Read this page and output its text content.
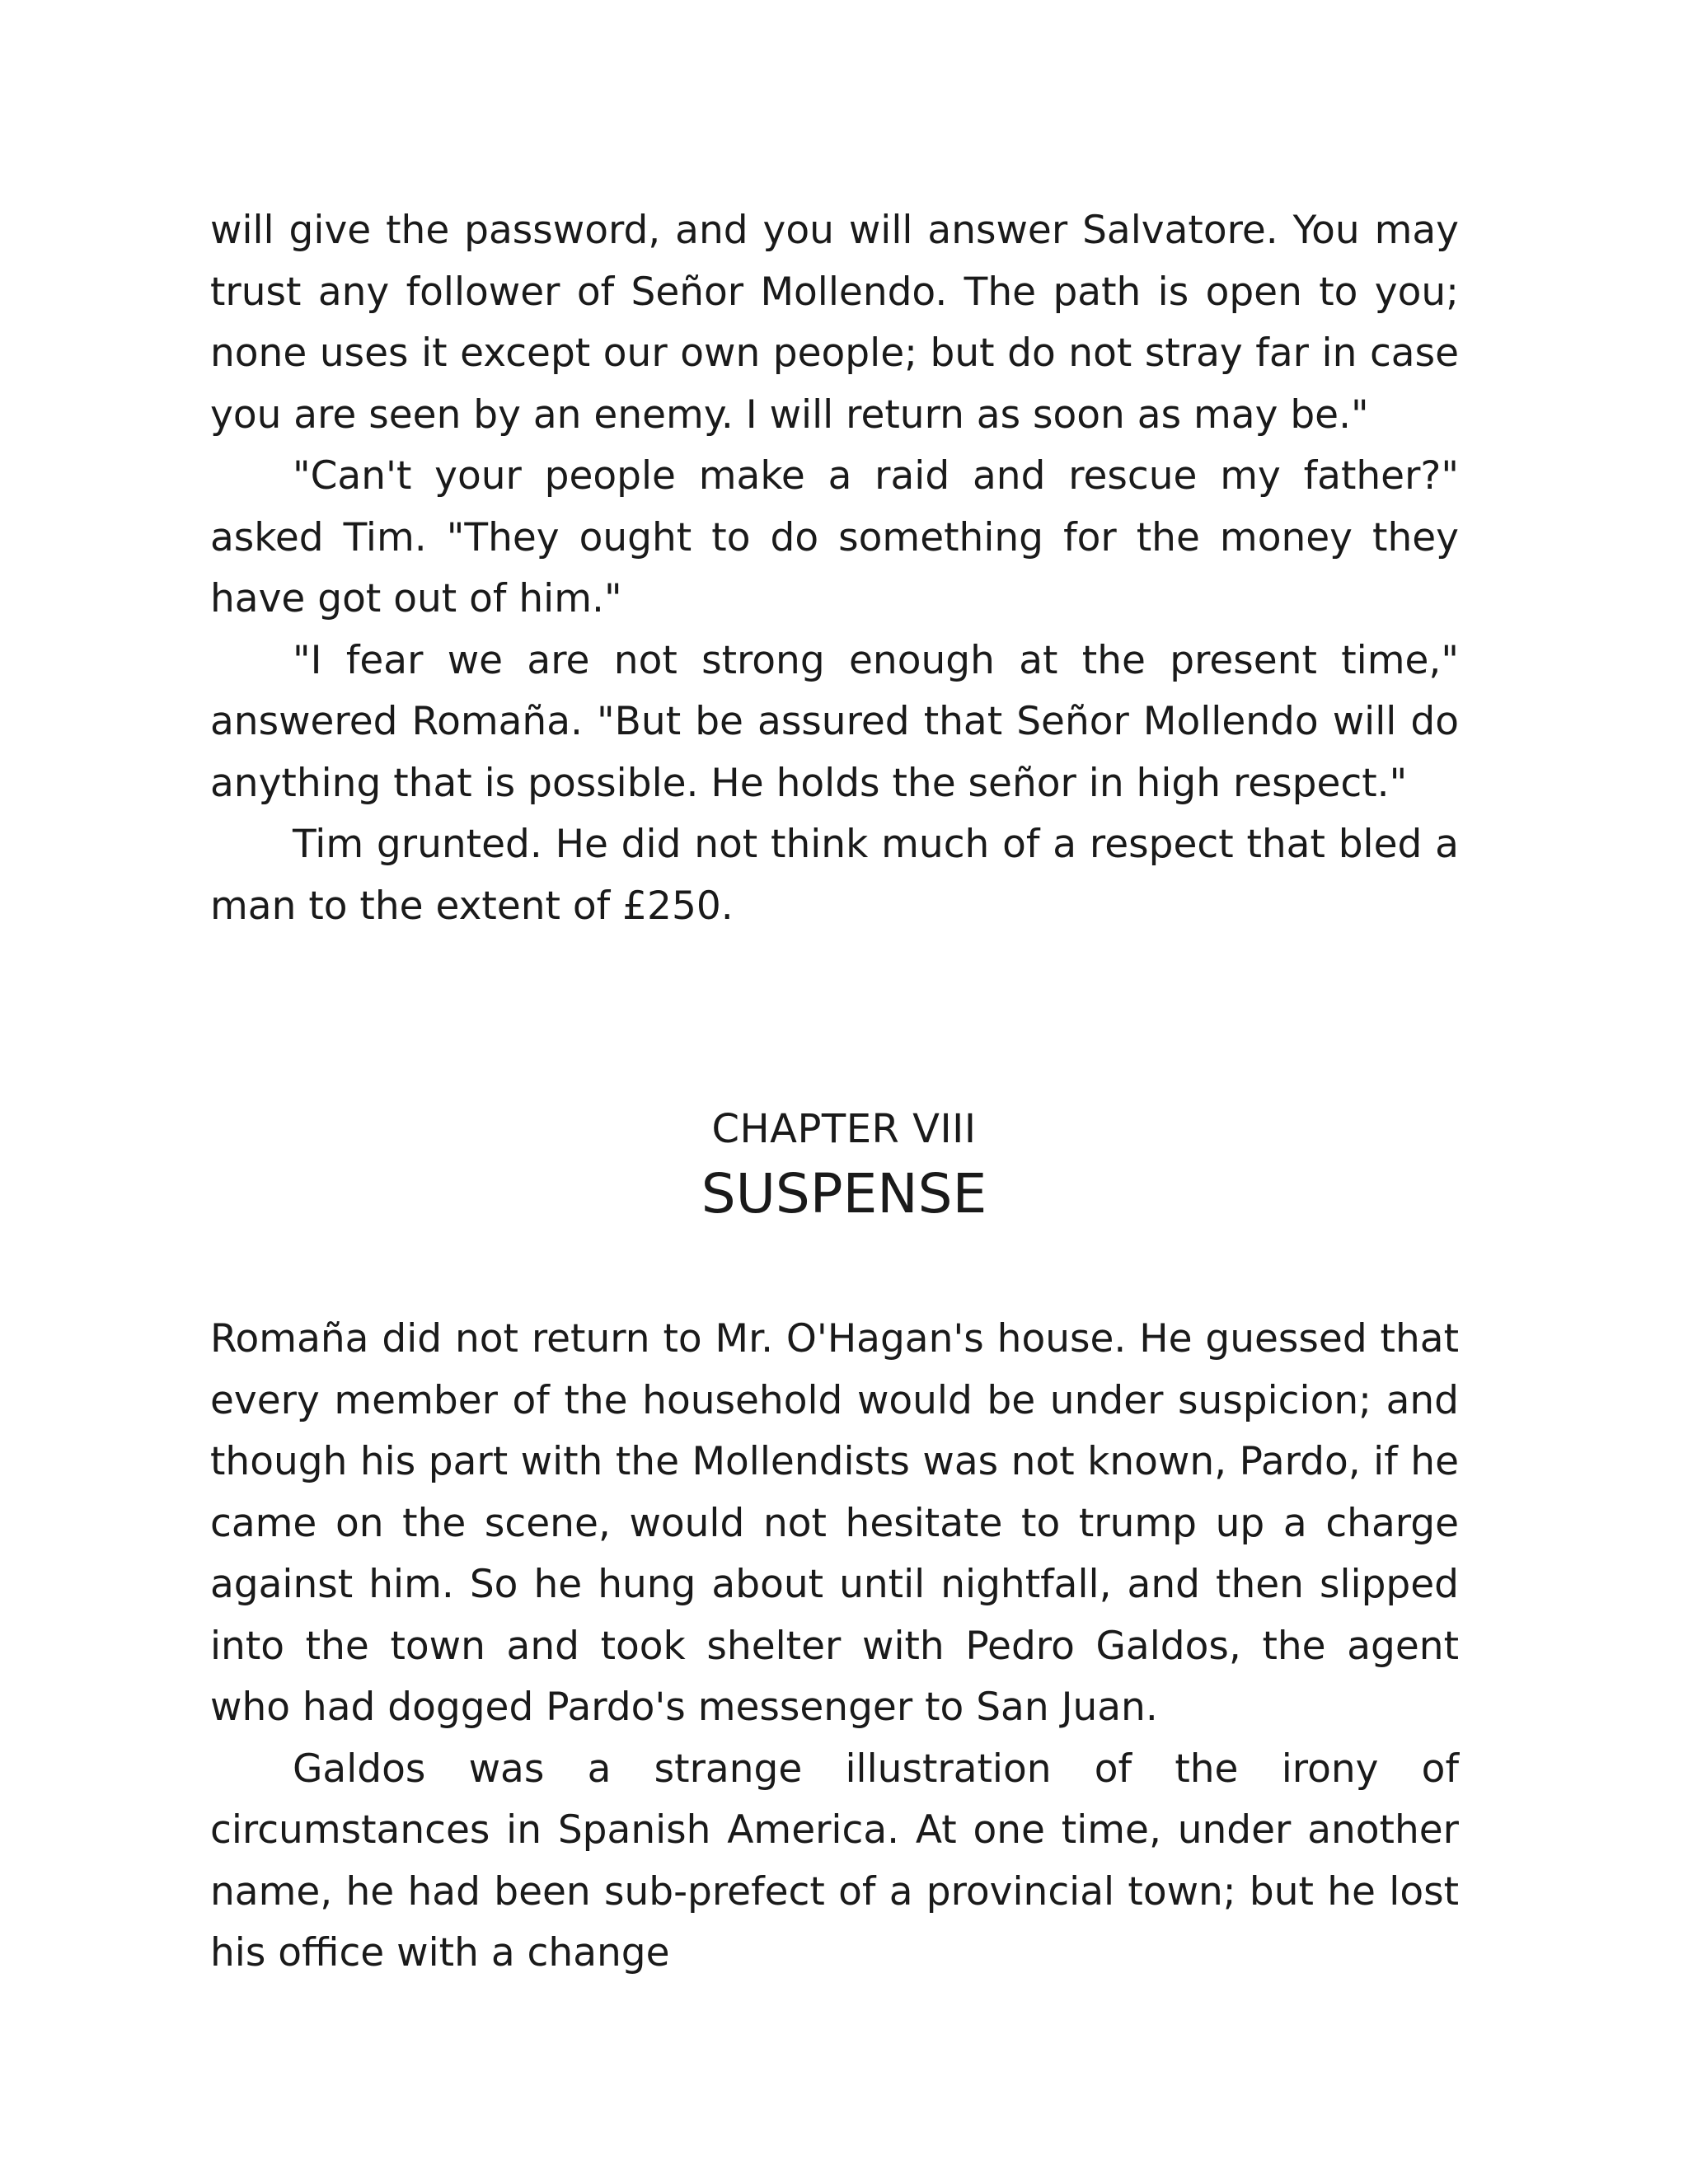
will give the password, and you will answer Salvatore. You may trust any follower of Señor Mollendo. The path is open to you; none uses it except our own people; but do not stray far in case you are seen by an enemy. I will return as soon as may be."

"Can't your people make a raid and rescue my father?" asked Tim. "They ought to do something for the money they have got out of him."

"I fear we are not strong enough at the present time," answered Romaña. "But be assured that Señor Mollendo will do anything that is possible. He holds the señor in high respect."

Tim grunted. He did not think much of a respect that bled a man to the extent of £250.

CHAPTER VIII
SUSPENSE

Romaña did not return to Mr. O'Hagan's house. He guessed that every member of the household would be under suspicion; and though his part with the Mollendists was not known, Pardo, if he came on the scene, would not hesitate to trump up a charge against him. So he hung about until nightfall, and then slipped into the town and took shelter with Pedro Galdos, the agent who had dogged Pardo's messenger to San Juan.

Galdos was a strange illustration of the irony of circumstances in Spanish America. At one time, under another name, he had been sub-prefect of a provincial town; but he lost his office with a change
